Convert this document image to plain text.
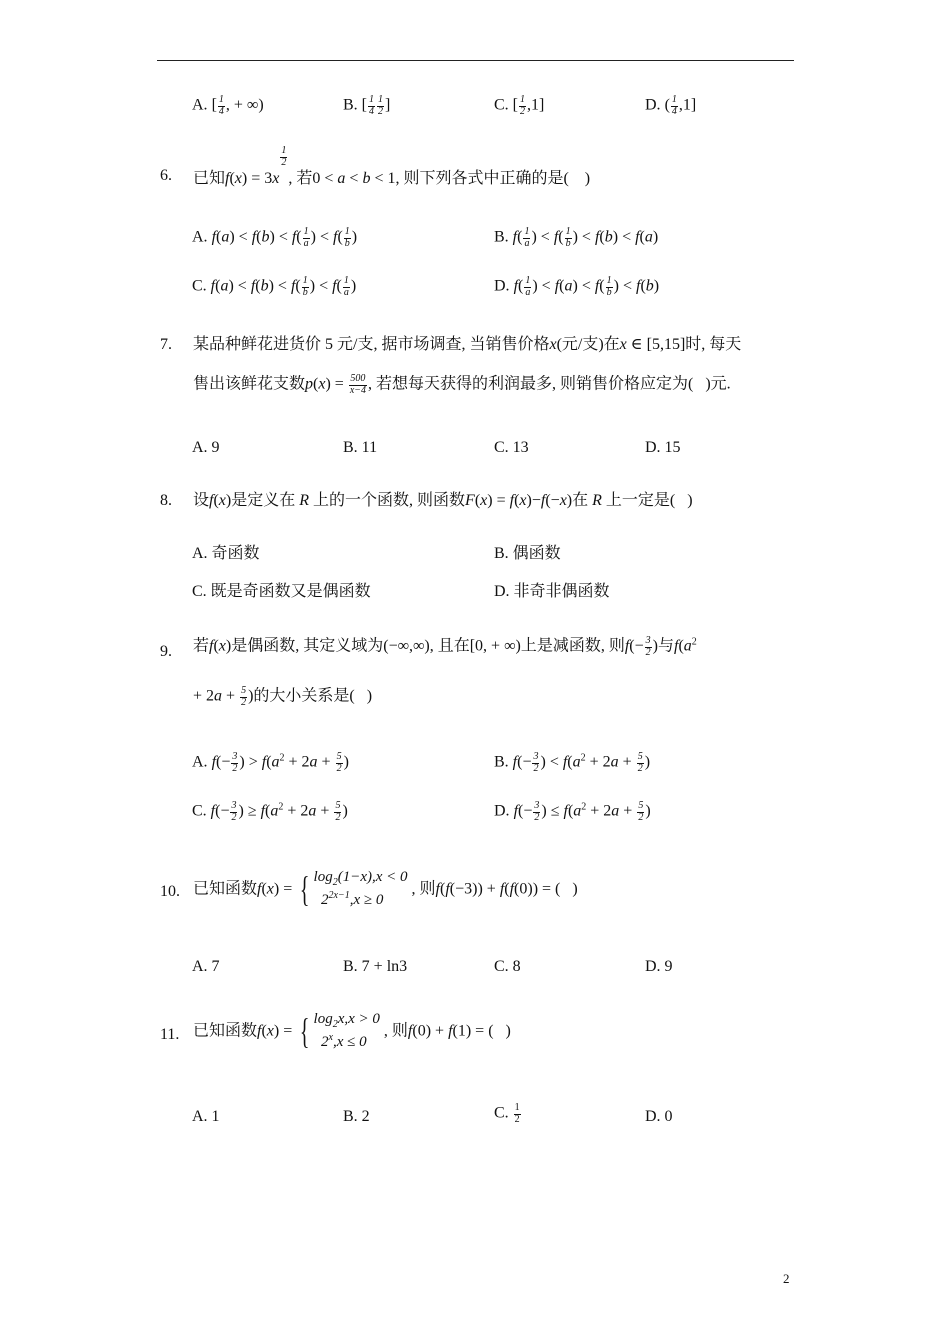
A. [ $\frac{1}{4}$ , + ∞)	B. [ $\frac{1}{4} \frac{1}{2}$ ]	C. [ $\frac{1}{2} ,1$]	D. ( $\frac{1}{4} ,1$]
6. 已知f(x) = 3x
$\frac{1}{2}$
, 若0 < a < b < 1, 则下列各式中正确的是(    )
A. $f(a) < f(b) < f( \frac{1}{a}$ ) < $f( \frac{1}{b}$ )	B. $f( \frac{1}{a}$ ) < $f( \frac{1}{b}$ ) < f(b) < f(a)
C. $f(a) < f(b) < f( \frac{1}{b}$ ) < $f( \frac{1}{a}$ )	D. $f( \frac{1}{a}$ ) < $f(a) < f( \frac{1}{b}$ ) < f(b)
7. 某品种鲜花进货价 5 元/支, 据市场调查, 当销售价格x(元/支)在x ∈ [5,15]时, 每天
售出该鲜花支数$p(x) = \frac{500}{x-4}$ , 若想每天获得的利润最多, 则销售价格应定为(   )元.
A. 9	B. 11	C. 13	D. 15
8. 设f(x)是定义在 R 上的一个函数, 则函数F(x) = f(x)−f(−x)在 R 上一定是(   )
A. 奇函数	B. 偶函数
C. 既是奇函数又是偶函数	D. 非奇非偶函数
9. 若f(x)是偶函数, 其定义域为(−∞,∞), 且在[0, + ∞)上是减函数, 则$f(- \frac{3}{2}$ )与$f(a^2$
+ $2a + \frac{5}{2}$ )的大小关系是(   )
A. $f(- \frac{3}{2}$ ) > $f(a^2 + 2a + \frac{5}{2}$ )	B. $f(- \frac{3}{2}$ ) < $f(a^2 + 2a + \frac{5}{2}$ )
C. $f(- \frac{3}{2}$ ) ≥ $f(a^2 + 2a + \frac{5}{2}$ )	D. $f(- \frac{3}{2}$ ) ≤ $f(a^2 + 2a + \frac{5}{2}$ )
10. 已知函数f(x) = { $\log_2(1-x),x < 0$
$2^{2x-1},x \ge 0$ , 则f(f(−3)) + f(f(0)) = (   )
A. 7	B. 7 + ln3	C. 8	D. 9
11. 已知函数f(x) = { $\log_2x,x > 0$
$2^x,x \le 0$ , 则f(0) + f(1) = (   )
A. 1	B. 2	C. $\frac{1}{2}$	D. 0
2
